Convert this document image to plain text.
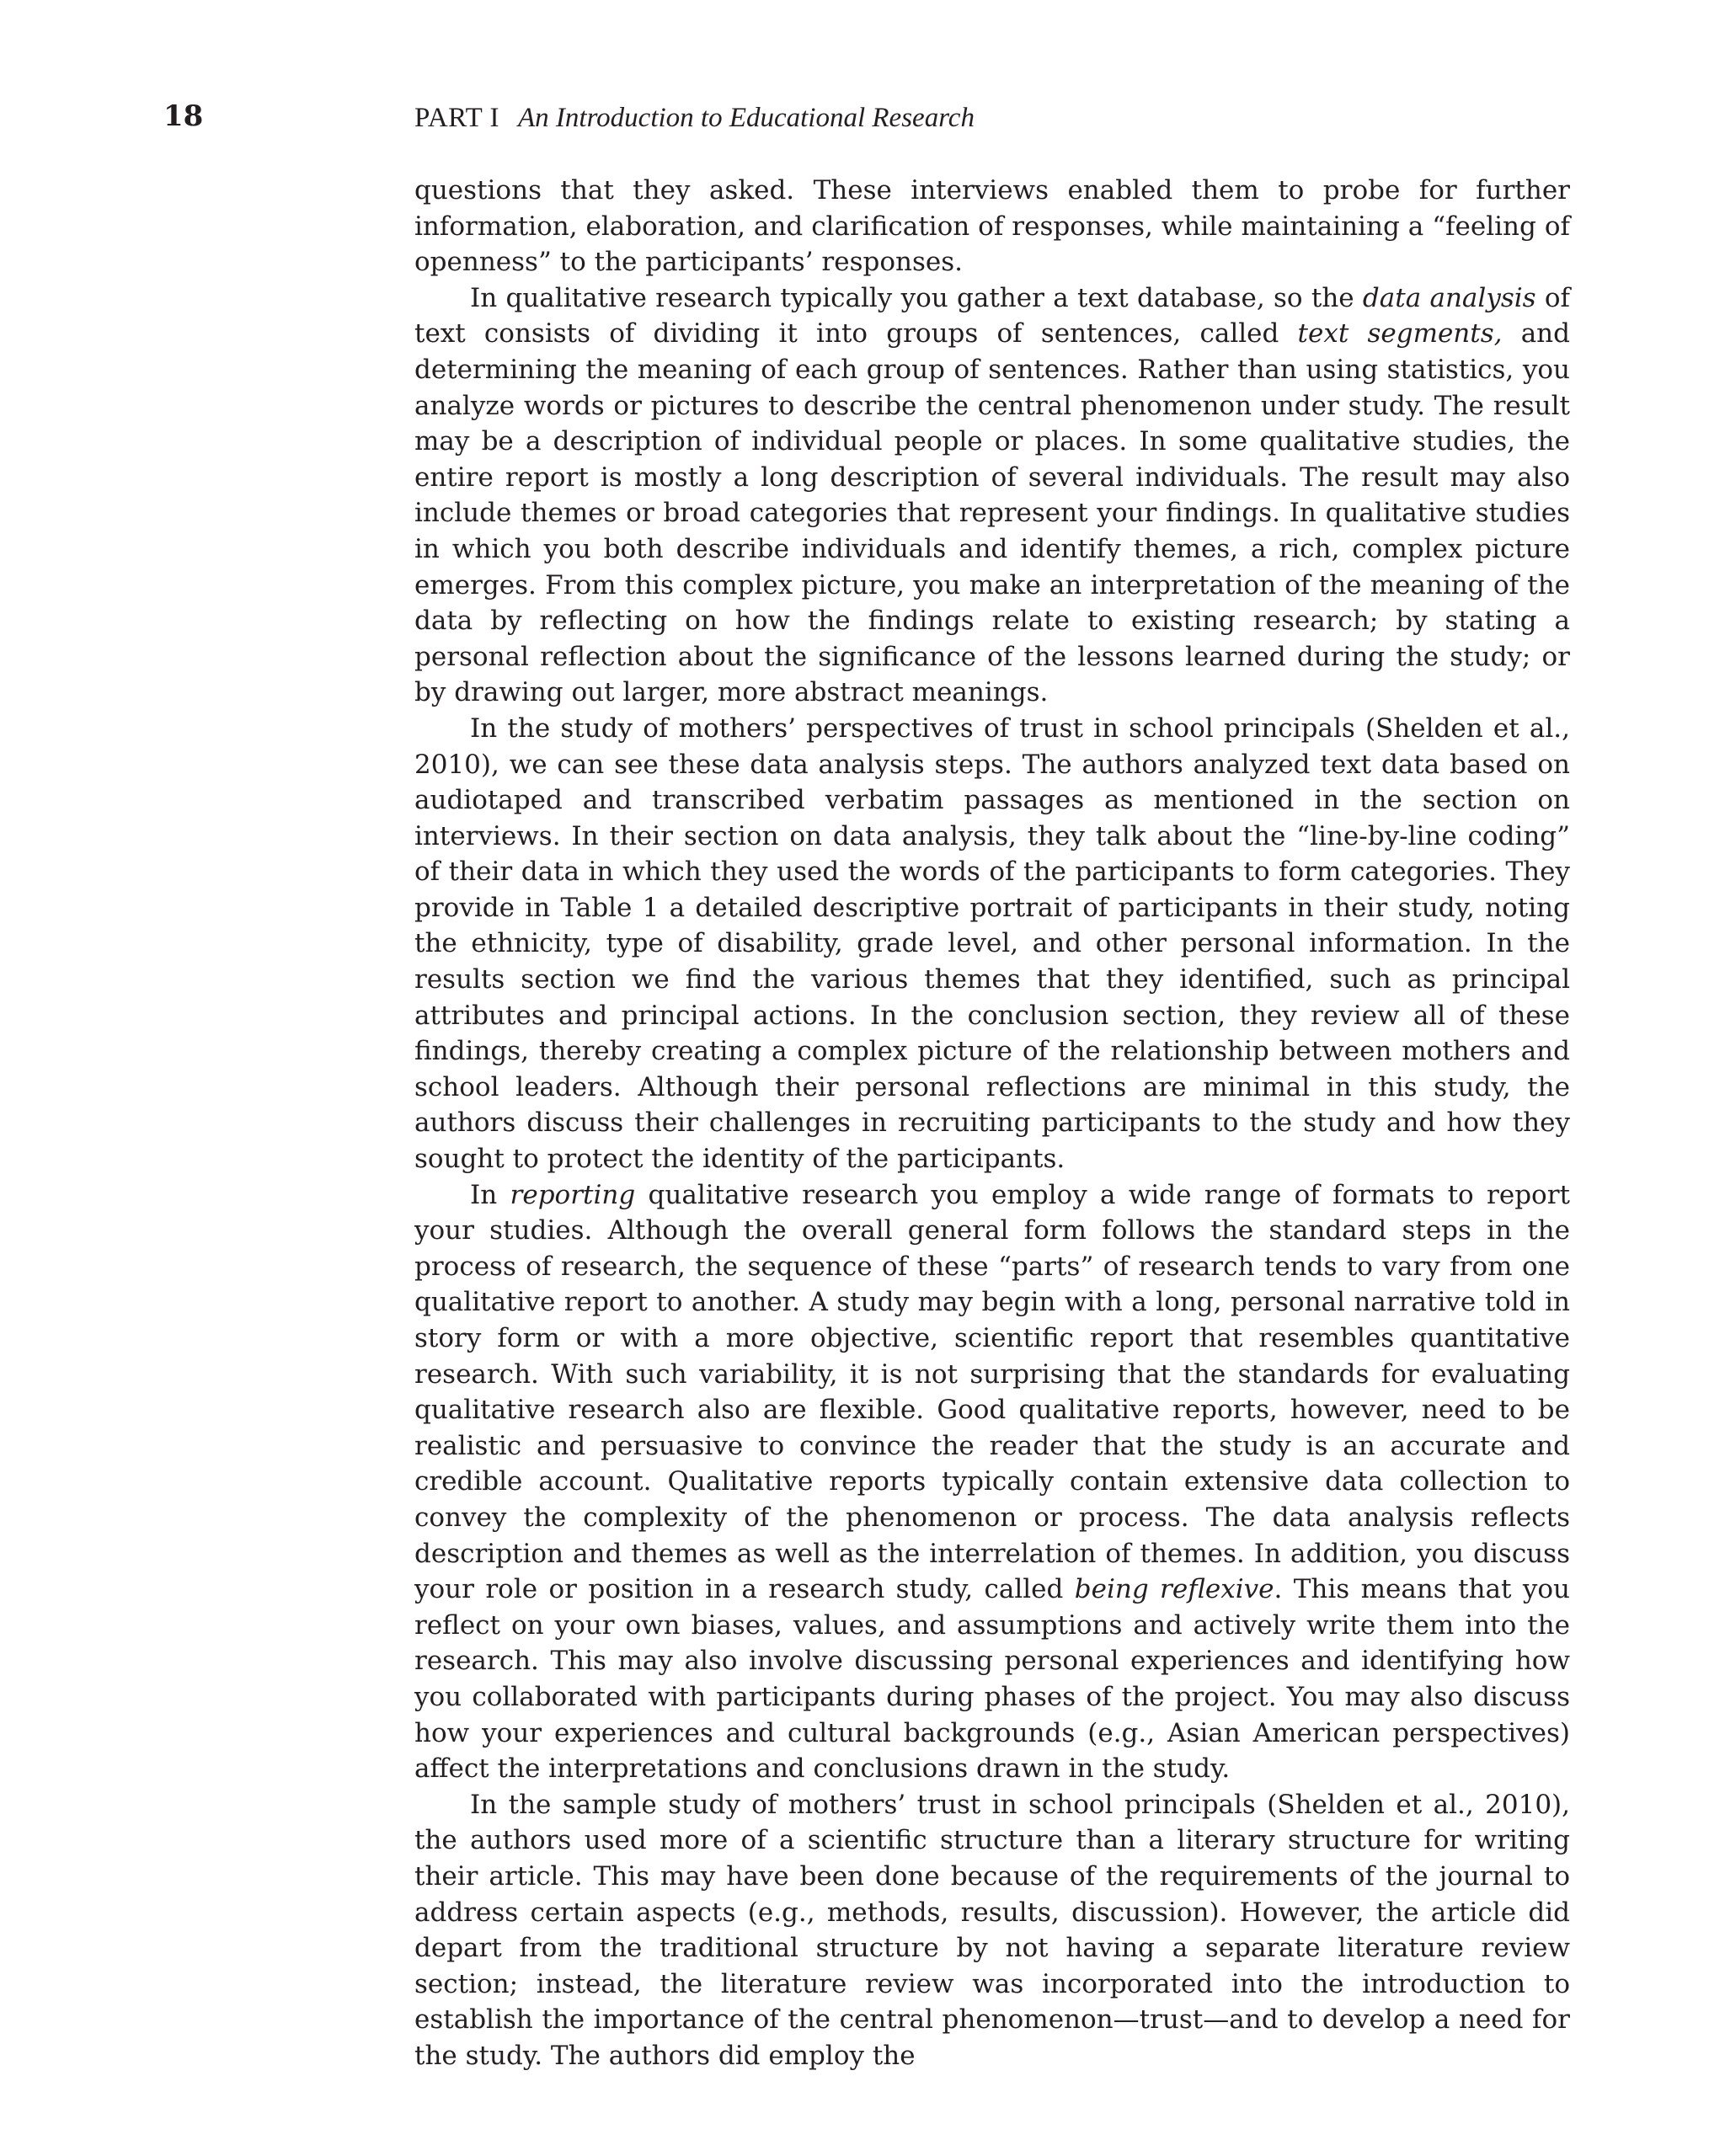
18	PART I An Introduction to Educational Research

questions that they asked. These interviews enabled them to probe for further information, elaboration, and clarification of responses, while maintaining a “feeling of openness” to the participants’ responses.

In qualitative research typically you gather a text database, so the data analysis of text consists of dividing it into groups of sentences, called text segments, and determining the meaning of each group of sentences. Rather than using statistics, you analyze words or pictures to describe the central phenomenon under study. The result may be a description of individual people or places. In some qualitative studies, the entire report is mostly a long description of several individuals. The result may also include themes or broad categories that represent your findings. In qualitative studies in which you both describe individuals and identify themes, a rich, complex picture emerges. From this complex picture, you make an interpretation of the meaning of the data by reflecting on how the findings relate to existing research; by stating a personal reflection about the significance of the lessons learned during the study; or by drawing out larger, more abstract meanings.

In the study of mothers’ perspectives of trust in school principals (Shelden et al., 2010), we can see these data analysis steps. The authors analyzed text data based on audiotaped and transcribed verbatim passages as mentioned in the section on interviews. In their section on data analysis, they talk about the “line-by-line coding” of their data in which they used the words of the participants to form categories. They provide in Table 1 a detailed descriptive portrait of participants in their study, noting the ethnicity, type of disability, grade level, and other personal information. In the results section we find the various themes that they identified, such as principal attributes and principal actions. In the conclusion section, they review all of these findings, thereby creating a complex picture of the relationship between mothers and school leaders. Although their personal reflections are minimal in this study, the authors discuss their challenges in recruiting participants to the study and how they sought to protect the identity of the participants.

In reporting qualitative research you employ a wide range of formats to report your studies. Although the overall general form follows the standard steps in the process of research, the sequence of these “parts” of research tends to vary from one qualitative report to another. A study may begin with a long, personal narrative told in story form or with a more objective, scientific report that resembles quantitative research. With such variability, it is not surprising that the standards for evaluating qualitative research also are flexible. Good qualitative reports, however, need to be realistic and persuasive to convince the reader that the study is an accurate and credible account. Qualitative reports typically contain extensive data collection to convey the complexity of the phenomenon or process. The data analysis reflects description and themes as well as the interrelation of themes. In addition, you discuss your role or position in a research study, called being reflexive. This means that you reflect on your own biases, values, and assumptions and actively write them into the research. This may also involve discussing personal experiences and identifying how you collaborated with participants during phases of the project. You may also discuss how your experiences and cultural backgrounds (e.g., Asian American perspectives) affect the interpretations and conclusions drawn in the study.

In the sample study of mothers’ trust in school principals (Shelden et al., 2010), the authors used more of a scientific structure than a literary structure for writing their article. This may have been done because of the requirements of the journal to address certain aspects (e.g., methods, results, discussion). However, the article did depart from the traditional structure by not having a separate literature review section; instead, the literature review was incorporated into the introduction to establish the importance of the central phenomenon—trust—and to develop a need for the study. The authors did employ the
